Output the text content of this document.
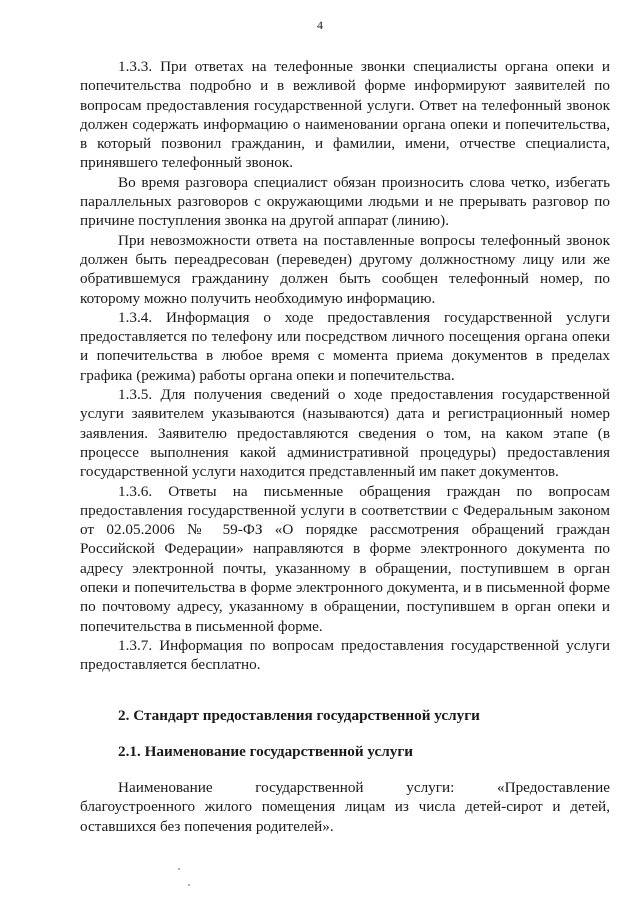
4

1.3.3. При ответах на телефонные звонки специалисты органа опеки и попечительства подробно и в вежливой форме информируют заявителей по вопросам предоставления государственной услуги. Ответ на телефонный звонок должен содержать информацию о наименовании органа опеки и попечительства, в который позвонил гражданин, и фамилии, имени, отчестве специалиста, принявшего телефонный звонок.

Во время разговора специалист обязан произносить слова четко, избегать параллельных разговоров с окружающими людьми и не прерывать разговор по причине поступления звонка на другой аппарат (линию).

При невозможности ответа на поставленные вопросы телефонный звонок должен быть переадресован (переведен) другому должностному лицу или же обратившемуся гражданину должен быть сообщен телефонный номер, по которому можно получить необходимую информацию.

1.3.4. Информация о ходе предоставления государственной услуги предоставляется по телефону или посредством личного посещения органа опеки и попечительства в любое время с момента приема документов в пределах графика (режима) работы органа опеки и попечительства.

1.3.5. Для получения сведений о ходе предоставления государственной услуги заявителем указываются (называются) дата и регистрационный номер заявления. Заявителю предоставляются сведения о том, на каком этапе (в процессе выполнения какой административной процедуры) предоставления государственной услуги находится представленный им пакет документов.

1.3.6. Ответы на письменные обращения граждан по вопросам предоставления государственной услуги в соответствии с Федеральным законом от 02.05.2006 № 59-ФЗ «О порядке рассмотрения обращений граждан Российской Федерации» направляются в форме электронного документа по адресу электронной почты, указанному в обращении, поступившем в орган опеки и попечительства в форме электронного документа, и в письменной форме по почтовому адресу, указанному в обращении, поступившем в орган опеки и попечительства в письменной форме.

1.3.7. Информация по вопросам предоставления государственной услуги предоставляется бесплатно.

2. Стандарт предоставления государственной услуги

2.1. Наименование государственной услуги

Наименование государственной услуги: «Предоставление благоустроенного жилого помещения лицам из числа детей-сирот и детей, оставшихся без попечения родителей».
